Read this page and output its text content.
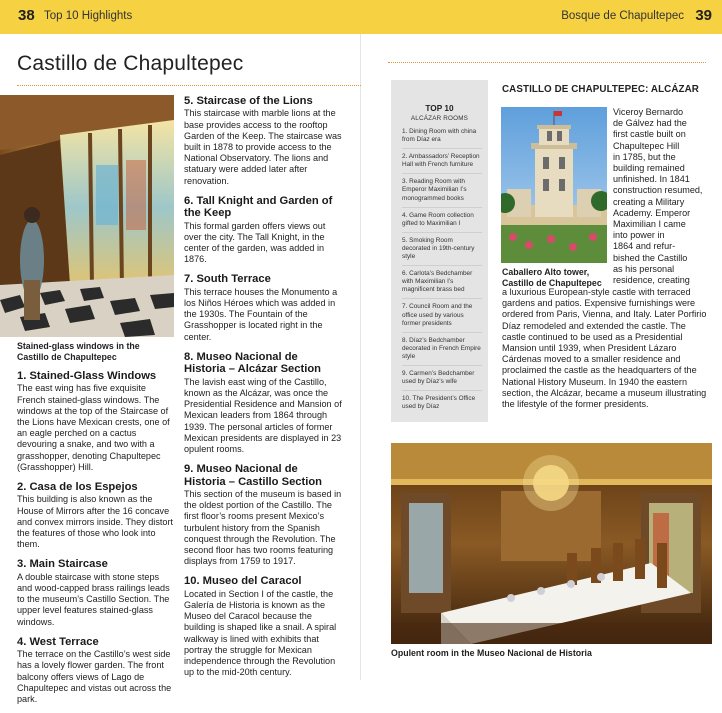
38 Top 10 Highlights	Bosque de Chapultepec 39
Castillo de Chapultepec
Stained-glass windows in the Castillo de Chapultepec
1. Stained-Glass Windows

The east wing has five exquisite French stained-glass windows. The windows at the top of the Staircase of the Lions have Mexican crests, one of an eagle perched on a cactus devouring a snake, and two with a grasshopper, denoting Chapultepec (Grasshopper) Hill.

2. Casa de los Espejos

This building is also known as the House of Mirrors after the 16 concave and convex mirrors inside. They distort the features of those who look into them.

3. Main Staircase

A double staircase with stone steps and wood-capped brass railings leads to the museum’s Castillo Section. The upper level features stained-glass windows.

4. West Terrace

The terrace on the Castillo’s west side has a lovely flower garden. The front balcony offers views of Lago de Chapultepec and vistas out across the park.

5. Staircase of the Lions

This staircase with marble lions at the base provides access to the rooftop Garden of the Keep. The staircase was built in 1878 to provide access to the National Observatory. The lions and statuary were added later after renovation.

6. Tall Knight and Garden of the Keep

This formal garden offers views out over the city. The Tall Knight, in the center of the garden, was added in 1876.

7. South Terrace

This terrace houses the Monumento a los Niños Héroes which was added in the 1930s. The Fountain of the Grasshopper is located right in the center.

8. Museo Nacional de Historia – Alcázar Section

The lavish east wing of the Castillo, known as the Alcázar, was once the Presidential Residence and Mansion of Mexican leaders from 1864 through 1939. The personal articles of former Mexican presidents are displayed in 23 opulent rooms.

9. Museo Nacional de Historia – Castillo Section

This section of the museum is based in the oldest portion of the Castillo. The first floor’s rooms present Mexico’s turbulent history from the Spanish conquest through the Revolution. The second floor has two rooms featuring displays from 1759 to 1917.

10. Museo del Caracol

Located in Section I of the castle, the Galería de Historia is known as the Museo del Caracol because the building is shaped like a snail. A spiral walkway is lined with exhibits that portray the struggle for Mexican independence through the Revolution up to the mid-20th century.

TOP 10
ALCÁZAR ROOMS
1. Dining Room with china from Díaz era
2. Ambassadors’ Reception Hall with French furniture
3. Reading Room with Emperor Maximilian I’s monogrammed books
4. Game Room collection gifted to Maximilian I
5. Smoking Room decorated in 19th-century style
6. Carlota’s Bedchamber with Maximilian I’s magnificent brass bed
7. Council Room and the office used by various former presidents
8. Díaz’s Bedchamber decorated in French Empire style
9. Carmen’s Bedchamber used by Díaz’s wife
10. The President’s Office used by Díaz
CASTILLO DE CHAPULTEPEC: ALCÁZAR
Caballero Alto tower, Castillo de Chapultepec
Viceroy Bernardo
de Gálvez had the
first castle built on
Chapultepec Hill
in 1785, but the
building remained
unfinished. In 1841
construction resumed,
creating a Military
Academy. Emperor
Maximilian I came
into power in
1864 and refur-
bished the Castillo
as his personal
residence, creating
a luxurious European-style castle with terraced gardens and patios. Expensive furnishings were ordered from Paris, Vienna, and Italy. Later Porfirio Díaz remodeled and extended the castle. The castle continued to be used as a Presidential Mansion until 1939, when President Lázaro Cárdenas moved to a smaller residence and proclaimed the castle as the headquarters of the National History Museum. In 1940 the eastern section, the Alcázar, became a museum illustrating the lifestyle of the former presidents.
Opulent room in the Museo Nacional de Historia
